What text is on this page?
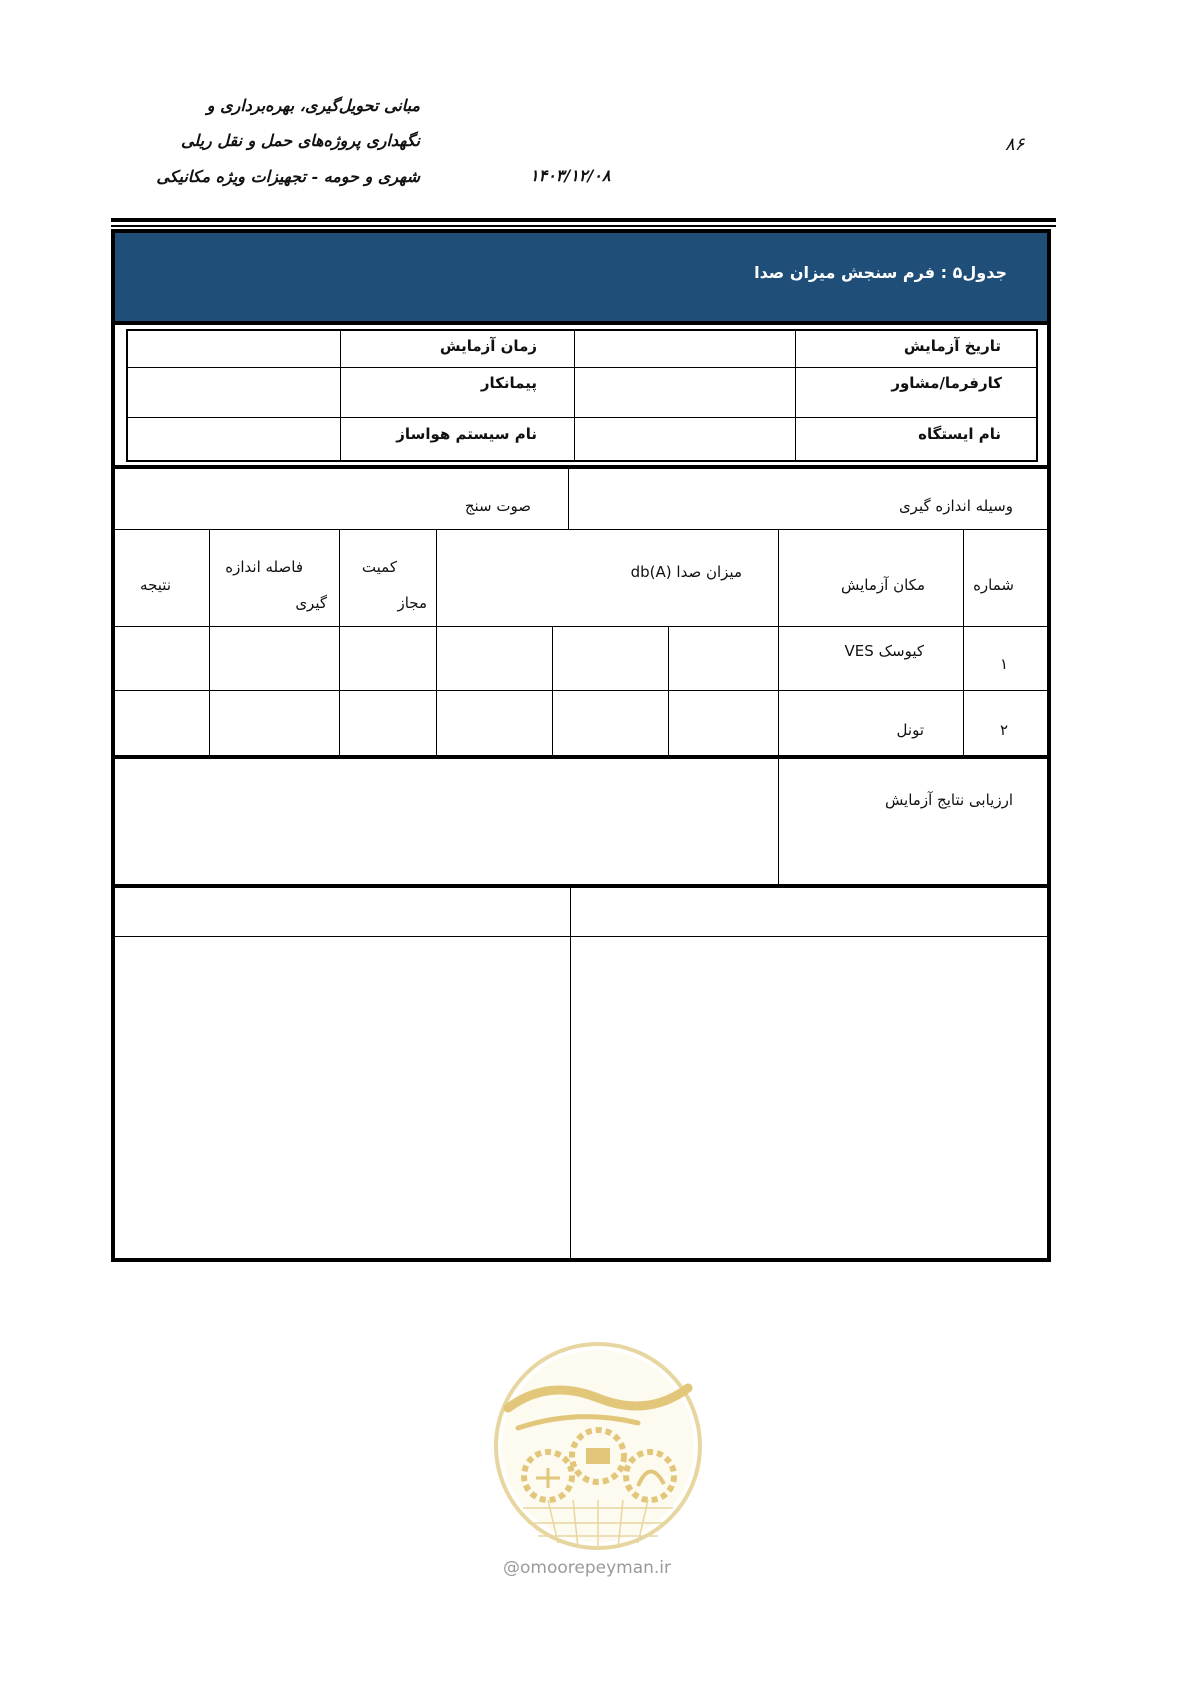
مبانی تحویل‌گیری، بهره‌برداری و
نگهداری پروژه‌های حمل و نقل ریلی
شهری و حومه - تجهیزات ویژه مکانیکی	۱۴۰۳/۱۲/۰۸
۸۶
جدول۵ : فرم سنجش میزان صدا
تاریخ آزمایش
زمان آزمایش
کارفرما/مشاور
پیمانکار
نام ایستگاه
نام سیستم هواساز
وسیله اندازه گیری
صوت سنج
شماره
مکان آزمایش
میزان صدا db(A)
کمیت
مجاز
فاصله اندازه
گیری
نتیجه
۱
کیوسک VES
۲
تونل
ارزیابی نتایج آزمایش
@omoorepeyman.ir
